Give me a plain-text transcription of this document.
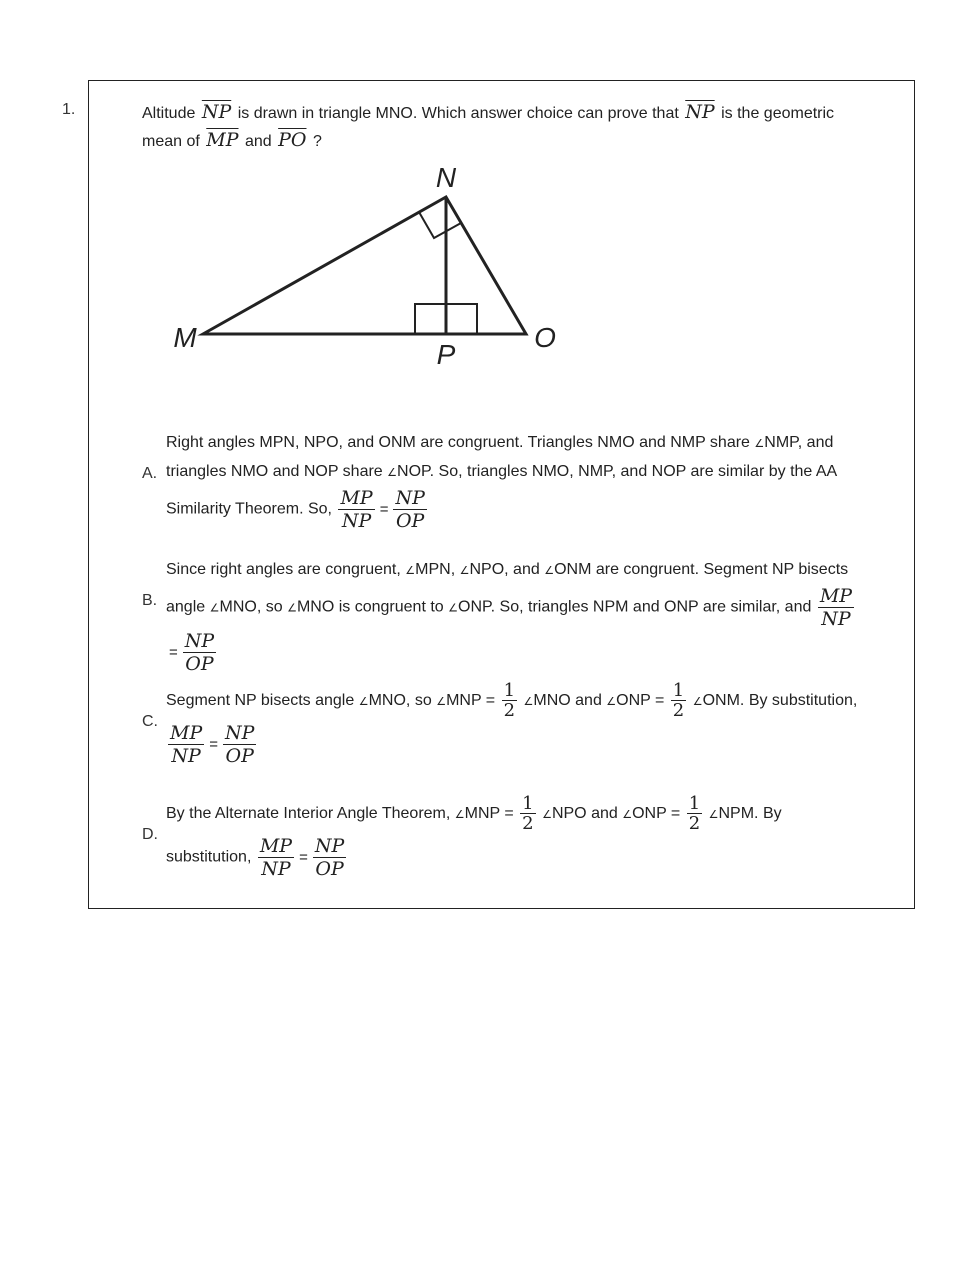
1.	Altitude $\overline{NP}$ is drawn in triangle MNO. Which answer choice can prove that $\overline{NP}$ is the geometric mean of $\overline{MP}$ and $\overline{PO}$ ?
N
M	O
P
A.
Right angles MPN, NPO, and ONM are congruent. Triangles NMO and NMP share ∠NMP, and triangles NMO and NOP share ∠NOP. So, triangles NMO, NMP, and NOP are similar by the AA Similarity Theorem. So, $\frac{MP}{NP} = \frac{NP}{OP}$
B.
Since right angles are congruent, ∠MPN, ∠NPO, and ∠ONM are congruent. Segment NP bisects angle ∠MNO, so ∠MNO is congruent to ∠ONP. So, triangles NPM and ONP are similar, and $\frac{MP}{NP}$
= $\frac{NP}{OP}$
C.
Segment NP bisects angle ∠MNO, so ∠MNP = $\frac{1}{2}$ ∠MNO and ∠ONP = $\frac{1}{2}$ ∠ONM. By substitution,
$\frac{MP}{NP} = \frac{NP}{OP}$
D.
By the Alternate Interior Angle Theorem, ∠MNP = $\frac{1}{2}$ ∠NPO and ∠ONP = $\frac{1}{2}$ ∠NPM. By substitution, $\frac{MP}{NP} = \frac{NP}{OP}$
